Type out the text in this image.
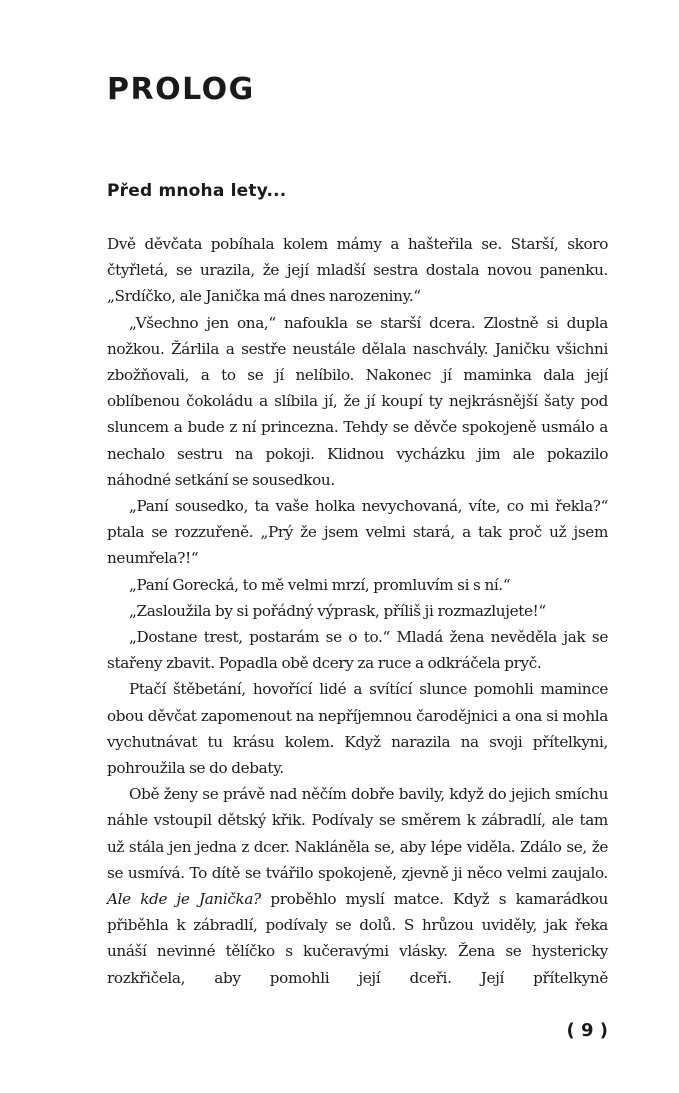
PROLOG
Před mnoha lety...

Dvě děvčata pobíhala kolem mámy a hašteřila se. Starší, skoro čtyřletá, se urazila, že její mladší sestra dostala novou panenku. „Srdíčko, ale Janička má dnes narozeniny.“

„Všechno jen ona,“ nafoukla se starší dcera. Zlostně si dupla nožkou. Žárlila a sestře neustále dělala naschvály. Janičku všichni zbožňovali, a to se jí nelíbilo. Nakonec jí maminka dala její oblíbenou čokoládu a slíbila jí, že jí koupí ty nejkrásnější šaty pod sluncem a bude z ní princezna. Tehdy se děvče spokojeně usmálo a nechalo sestru na pokoji. Klidnou vycházku jim ale pokazilo náhodné setkání se sousedkou.

„Paní sousedko, ta vaše holka nevychovaná, víte, co mi řekla?“ ptala se rozzuřeně. „Prý že jsem velmi stará, a tak proč už jsem neumřela?!“

„Paní Gorecká, to mě velmi mrzí, promluvím si s ní.“

„Zasloužila by si pořádný výprask, příliš ji rozmazlujete!“

„Dostane trest, postarám se o to.“ Mladá žena nevěděla jak se stařeny zbavit. Popadla obě dcery za ruce a odkráčela pryč.

Ptačí štěbetání, hovořící lidé a svítící slunce pomohli mamince obou děvčat zapomenout na nepříjemnou čarodějnici a ona si mohla vychutnávat tu krásu kolem. Když narazila na svoji přítelkyni, pohroužila se do debaty.

Obě ženy se právě nad něčím dobře bavily, když do jejich smíchu náhle vstoupil dětský křik. Podívaly se směrem k zábradlí, ale tam už stála jen jedna z dcer. Nakláněla se, aby lépe viděla. Zdálo se, že se usmívá. To dítě se tvářilo spokojeně, zjevně ji něco velmi zaujalo. Ale kde je Janička? proběhlo myslí matce. Když s kamarádkou přiběhla k zábradlí, podívaly se dolů. S hrůzou uviděly, jak řeka unáší nevinné tělíčko s kučeravými vlásky. Žena se hystericky rozkřičela, aby pomohli její dceři. Její přítelkyně

( 9 )
